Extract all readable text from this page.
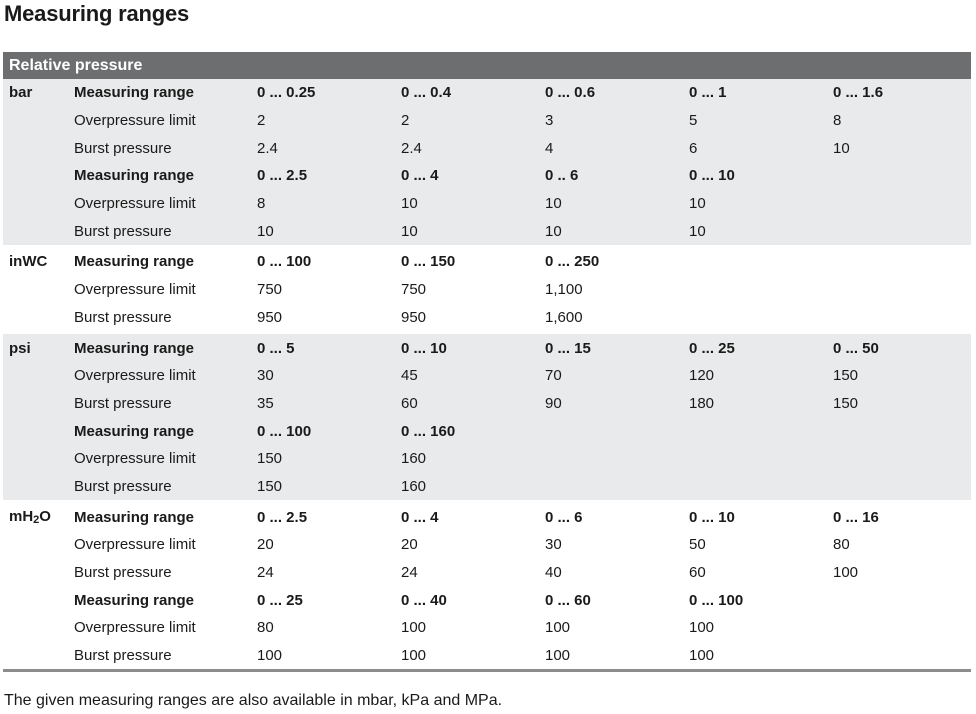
Measuring ranges
Relative pressure						
bar	Measuring range	0 ... 0.25	0 ... 0.4	0 ... 0.6	0 ... 1	0 ... 1.6
	Overpressure limit	2	2	3	5	8
	Burst pressure	2.4	2.4	4	6	10
	Measuring range	0 ... 2.5	0 ... 4	0 .. 6	0 ... 10	
	Overpressure limit	8	10	10	10	
	Burst pressure	10	10	10	10	
inWC	Measuring range	0 ... 100	0 ... 150	0 ... 250		
	Overpressure limit	750	750	1,100		
	Burst pressure	950	950	1,600		
psi	Measuring range	0 ... 5	0 ... 10	0 ... 15	0 ... 25	0 ... 50
	Overpressure limit	30	45	70	120	150
	Burst pressure	35	60	90	180	150
	Measuring range	0 ... 100	0 ... 160			
	Overpressure limit	150	160			
	Burst pressure	150	160			
mH2O	Measuring range	0 ... 2.5	0 ... 4	0 ... 6	0 ... 10	0 ... 16
	Overpressure limit	20	20	30	50	80
	Burst pressure	24	24	40	60	100
	Measuring range	0 ... 25	0 ... 40	0 ... 60	0 ... 100	
	Overpressure limit	80	100	100	100	
	Burst pressure	100	100	100	100	

The given measuring ranges are also available in mbar, kPa and MPa.
